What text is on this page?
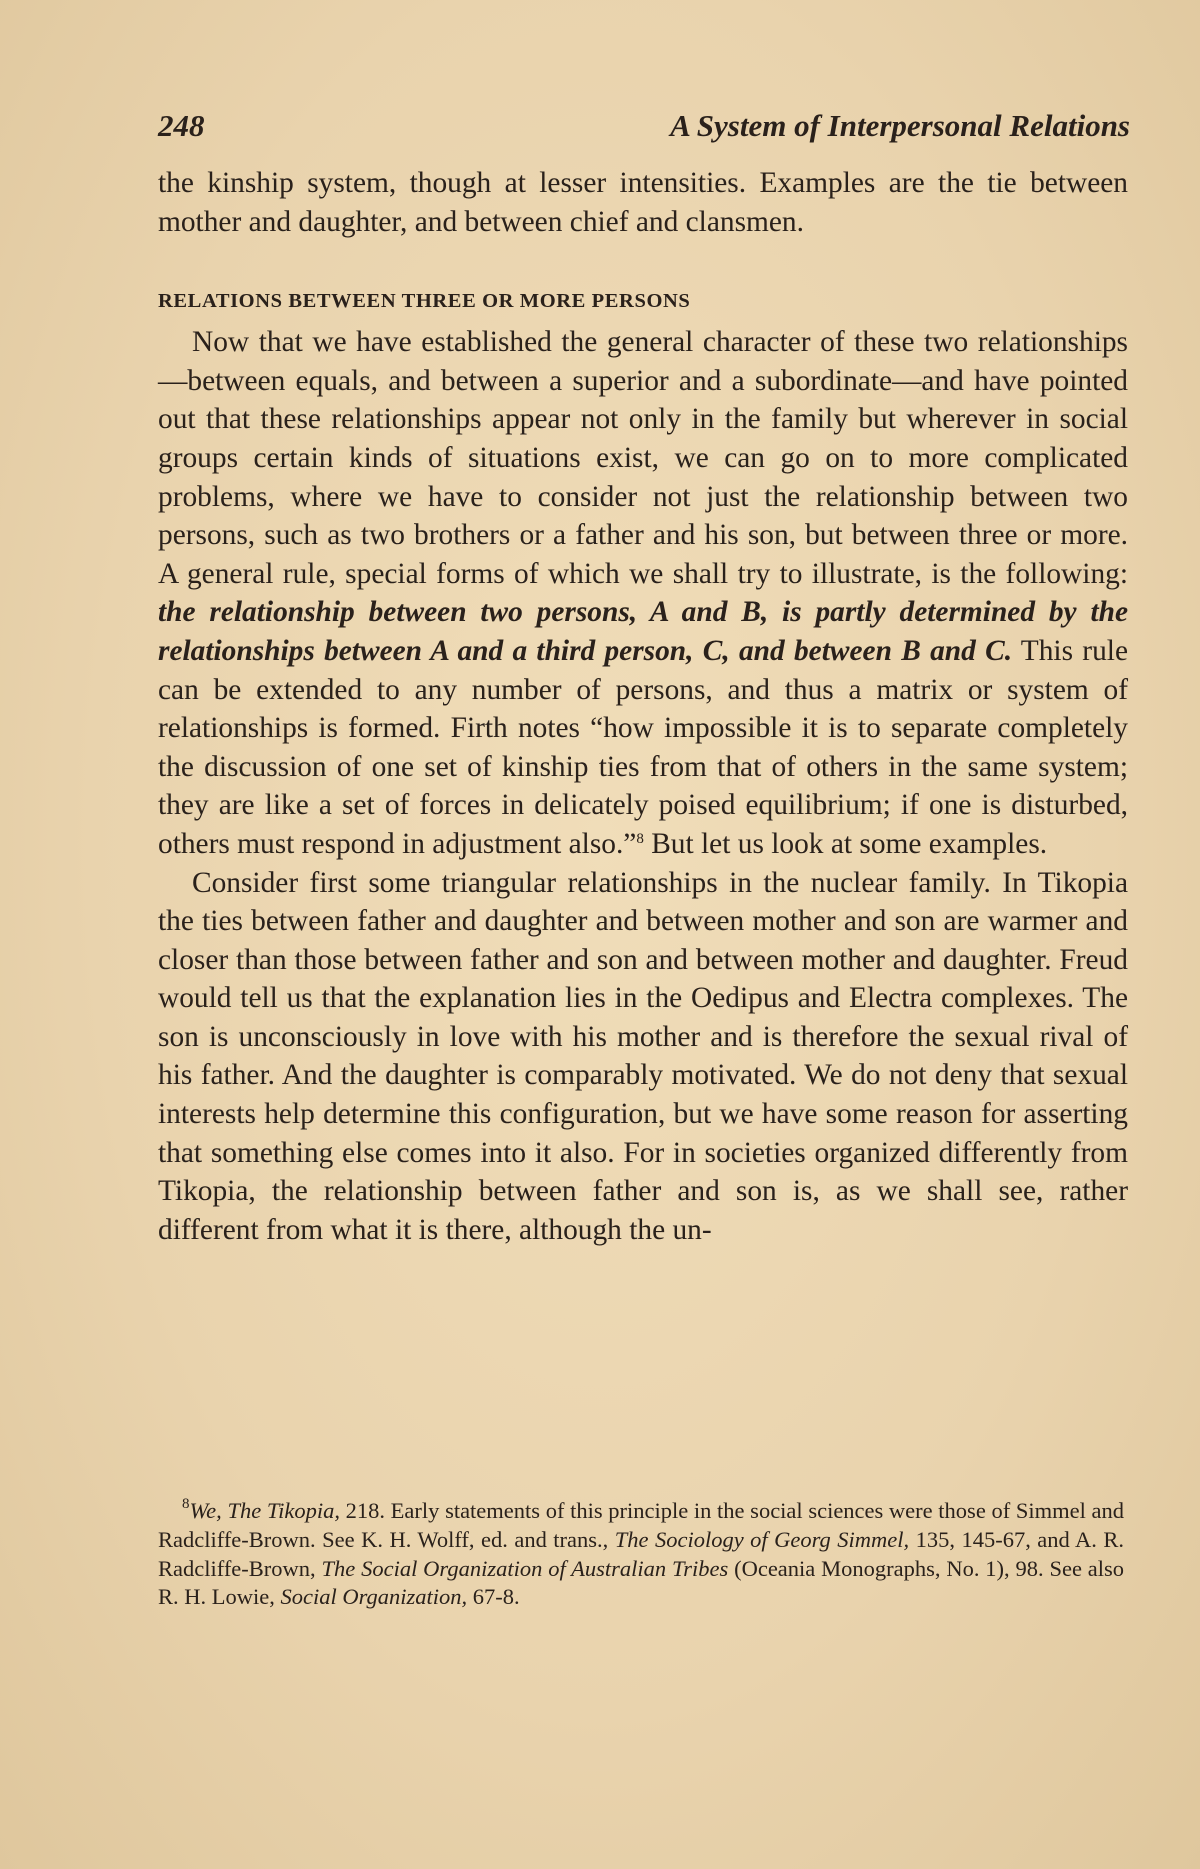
248	A System of Interpersonal Relations

the kinship system, though at lesser intensities. Examples are the tie between mother and daughter, and between chief and clansmen.

RELATIONS BETWEEN THREE OR MORE PERSONS

Now that we have established the general character of these two relationships—between equals, and between a superior and a subordinate—and have pointed out that these relationships appear not only in the family but wherever in social groups certain kinds of situations exist, we can go on to more complicated problems, where we have to consider not just the relationship between two persons, such as two brothers or a father and his son, but between three or more. A general rule, special forms of which we shall try to illustrate, is the following: the relationship between two persons, A and B, is partly determined by the relationships between A and a third person, C, and between B and C. This rule can be extended to any number of persons, and thus a matrix or system of relationships is formed. Firth notes “how impossible it is to separate completely the discussion of one set of kinship ties from that of others in the same system; they are like a set of forces in delicately poised equilibrium; if one is disturbed, others must respond in adjustment also.”$^8$ But let us look at some examples.

Consider first some triangular relationships in the nuclear family. In Tikopia the ties between father and daughter and between mother and son are warmer and closer than those between father and son and between mother and daughter. Freud would tell us that the explanation lies in the Oedipus and Electra complexes. The son is unconsciously in love with his mother and is therefore the sexual rival of his father. And the daughter is comparably motivated. We do not deny that sexual interests help determine this configuration, but we have some reason for asserting that something else comes into it also. For in societies organized differently from Tikopia, the relationship between father and son is, as we shall see, rather different from what it is there, although the un-

$^8$We, The Tikopia, 218. Early statements of this principle in the social sciences were those of Simmel and Radcliffe-Brown. See K. H. Wolff, ed. and trans., The Sociology of Georg Simmel, 135, 145-67, and A. R. Radcliffe-Brown, The Social Organization of Australian Tribes (Oceania Monographs, No. 1), 98. See also R. H. Lowie, Social Organization, 67-8.
